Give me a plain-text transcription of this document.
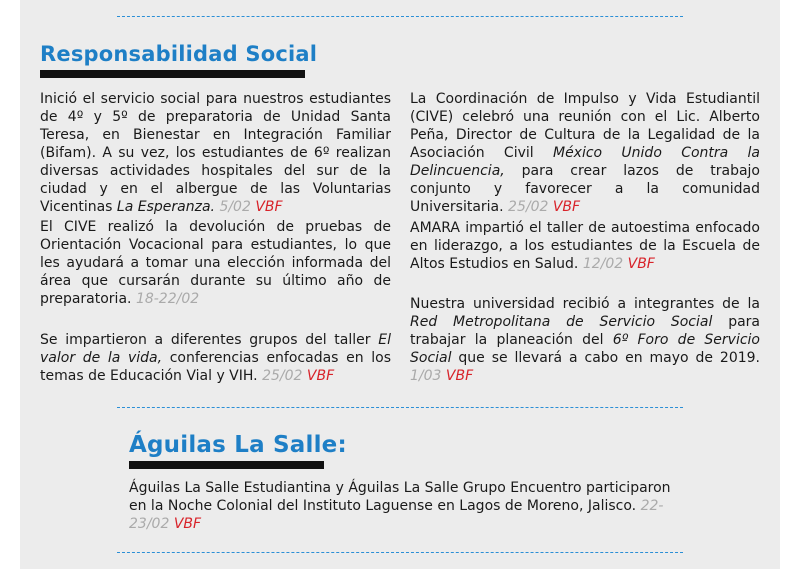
Responsabilidad Social

Inició el servicio social para nuestros estudiantes de 4º y 5º de preparatoria de Unidad Santa Teresa, en Bienestar en Integración Familiar (Bifam). A su vez, los estudiantes de 6º realizan diversas actividades hospitales del sur de la ciudad y en el albergue de las Voluntarias Vicentinas La Esperanza. 5/02 VBF

El CIVE realizó la devolución de pruebas de Orientación Vocacional para estudiantes, lo que les ayudará a tomar una elección informada del área que cursarán durante su último año de preparatoria. 18-22/02

Se impartieron a diferentes grupos del taller El valor de la vida, conferencias enfocadas en los temas de Educación Vial y VIH. 25/02 VBF

La Coordinación de Impulso y Vida Estudiantil (CIVE) celebró una reunión con el Lic. Alberto Peña, Director de Cultura de la Legalidad de la Asociación Civil México Unido Contra la Delincuencia, para crear lazos de trabajo conjunto y favorecer a la comunidad Universitaria. 25/02 VBF

AMARA impartió el taller de autoestima enfocado en liderazgo, a los estudiantes de la Escuela de Altos Estudios en Salud. 12/02 VBF

Nuestra universidad recibió a integrantes de la Red Metropolitana de Servicio Social para trabajar la planeación del 6º Foro de Servicio Social que se llevará a cabo en mayo de 2019. 1/03 VBF

Águilas La Salle:

Águilas La Salle Estudiantina y Águilas La Salle Grupo Encuentro participaron en la Noche Colonial del Instituto Laguense en Lagos de Moreno, Jalisco. 22-23/02 VBF
